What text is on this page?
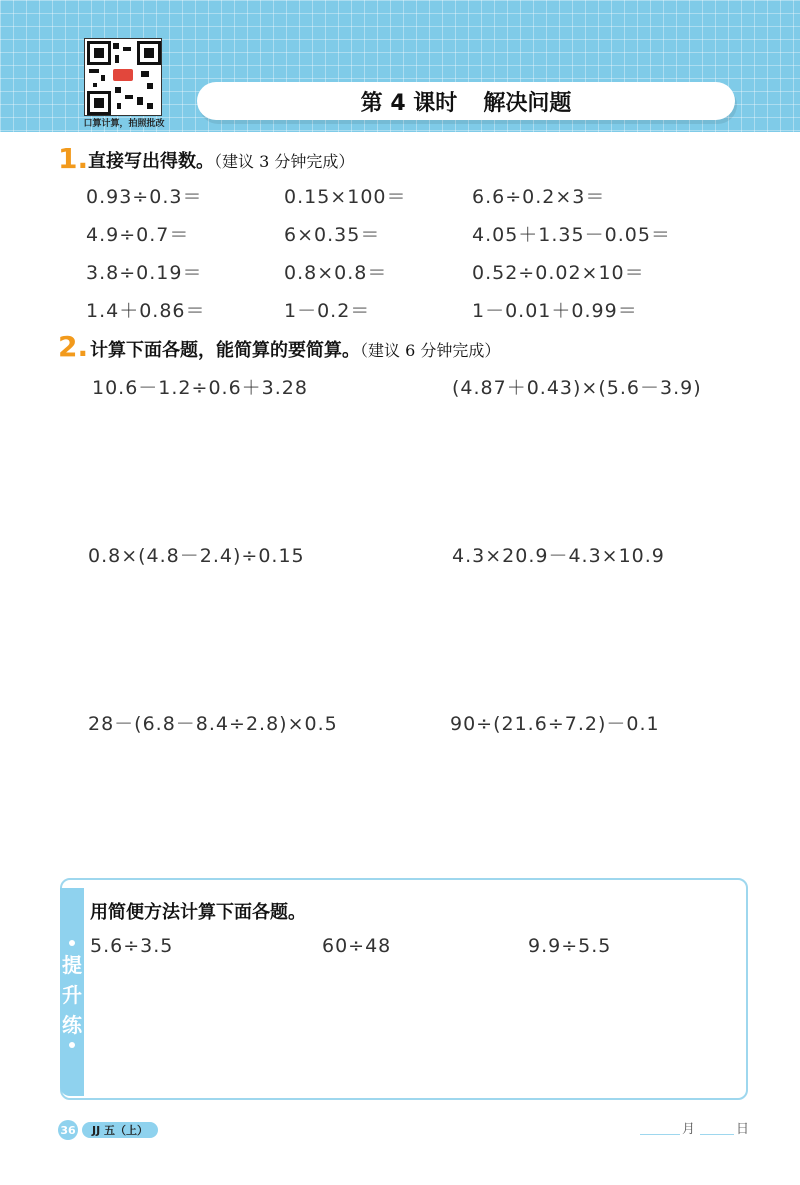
口算计算，拍照批改
第 4 课时 解决问题
1. 直接写出得数。（建议 3 分钟完成）
0.93÷0.3＝	0.15×100＝	6.6÷0.2×3＝
4.9÷0.7＝	6×0.35＝	4.05＋1.35－0.05＝
3.8÷0.19＝	0.8×0.8＝	0.52÷0.02×10＝
1.4＋0.86＝	1－0.2＝	1－0.01＋0.99＝
2. 计算下面各题，能简算的要简算。（建议 6 分钟完成）
10.6－1.2÷0.6＋3.28	(4.87＋0.43)×(5.6－3.9)
0.8×(4.8－2.4)÷0.15	4.3×20.9－4.3×10.9
28－(6.8－8.4÷2.8)×0.5	90÷(21.6÷7.2)－0.1
提升练
用简便方法计算下面各题。
5.6÷3.5	60÷48	9.9÷5.5
36	JJ 五（上）	月	日
